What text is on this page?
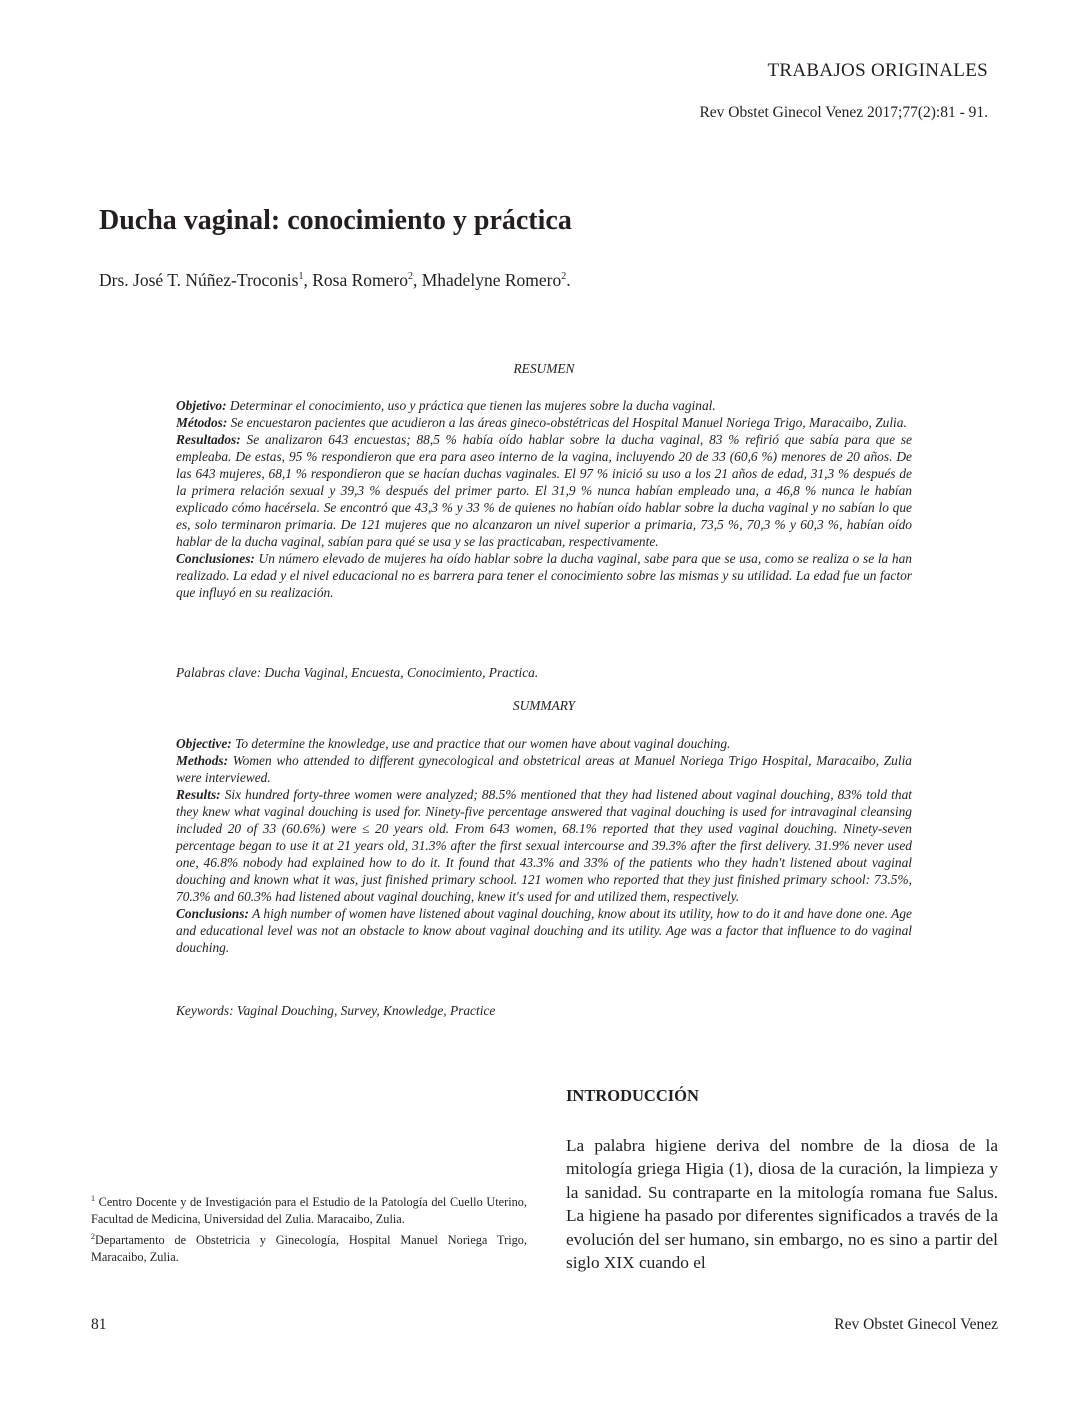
TRABAJOS ORIGINALES
Rev Obstet Ginecol Venez 2017;77(2):81 - 91.
Ducha vaginal: conocimiento y práctica
Drs. José T. Núñez-Troconis$^1$, Rosa Romero$^2$, Mhadelyne Romero$^2$.
RESUMEN

Objetivo: Determinar el conocimiento, uso y práctica que tienen las mujeres sobre la ducha vaginal.

Métodos: Se encuestaron pacientes que acudieron a las áreas gineco-obstétricas del Hospital Manuel Noriega Trigo, Maracaibo, Zulia.

Resultados: Se analizaron 643 encuestas; 88,5 % había oído hablar sobre la ducha vaginal, 83 % refirió que sabía para que se empleaba. De estas, 95 % respondieron que era para aseo interno de la vagina, incluyendo 20 de 33 (60,6 %) menores de 20 años. De las 643 mujeres, 68,1 % respondieron que se hacían duchas vaginales. El 97 % inició su uso a los 21 años de edad, 31,3 % después de la primera relación sexual y 39,3 % después del primer parto. El 31,9 % nunca habían empleado una, a 46,8 % nunca le habían explicado cómo hacérsela. Se encontró que 43,3 % y 33 % de quienes no habían oído hablar sobre la ducha vaginal y no sabían lo que es, solo terminaron primaria. De 121 mujeres que no alcanzaron un nivel superior a primaria, 73,5 %, 70,3 % y 60,3 %, habían oído hablar de la ducha vaginal, sabían para qué se usa y se las practicaban, respectivamente.

Conclusiones: Un número elevado de mujeres ha oído hablar sobre la ducha vaginal, sabe para que se usa, como se realiza o se la han realizado. La edad y el nivel educacional no es barrera para tener el conocimiento sobre las mismas y su utilidad. La edad fue un factor que influyó en su realización.

Palabras clave: Ducha Vaginal, Encuesta, Conocimiento, Practica.
SUMMARY

Objective: To determine the knowledge, use and practice that our women have about vaginal douching.

Methods: Women who attended to different gynecological and obstetrical areas at Manuel Noriega Trigo Hospital, Maracaibo, Zulia were interviewed.

Results: Six hundred forty-three women were analyzed; 88.5% mentioned that they had listened about vaginal douching, 83% told that they knew what vaginal douching is used for. Ninety-five percentage answered that vaginal douching is used for intravaginal cleansing included 20 of 33 (60.6%) were ≤ 20 years old. From 643 women, 68.1% reported that they used vaginal douching. Ninety-seven percentage began to use it at 21 years old, 31.3% after the first sexual intercourse and 39.3% after the first delivery. 31.9% never used one, 46.8% nobody had explained how to do it. It found that 43.3% and 33% of the patients who they hadn't listened about vaginal douching and known what it was, just finished primary school. 121 women who reported that they just finished primary school: 73.5%, 70.3% and 60.3% had listened about vaginal douching, knew it's used for and utilized them, respectively.

Conclusions: A high number of women have listened about vaginal douching, know about its utility, how to do it and have done one. Age and educational level was not an obstacle to know about vaginal douching and its utility. Age was a factor that influence to do vaginal douching.

Keywords: Vaginal Douching, Survey, Knowledge, Practice
INTRODUCCIÓN

La palabra higiene deriva del nombre de la diosa de la mitología griega Higia (1), diosa de la curación, la limpieza y la sanidad. Su contraparte en la mitología romana fue Salus. La higiene ha pasado por diferentes significados a través de la evolución del ser humano, sin embargo, no es sino a partir del siglo XIX cuando el

$^1$ Centro Docente y de Investigación para el Estudio de la Patología del Cuello Uterino, Facultad de Medicina, Universidad del Zulia. Maracaibo, Zulia.

$^2$Departamento de Obstetricia y Ginecología, Hospital Manuel Noriega Trigo, Maracaibo, Zulia.

81	Rev Obstet Ginecol Venez
